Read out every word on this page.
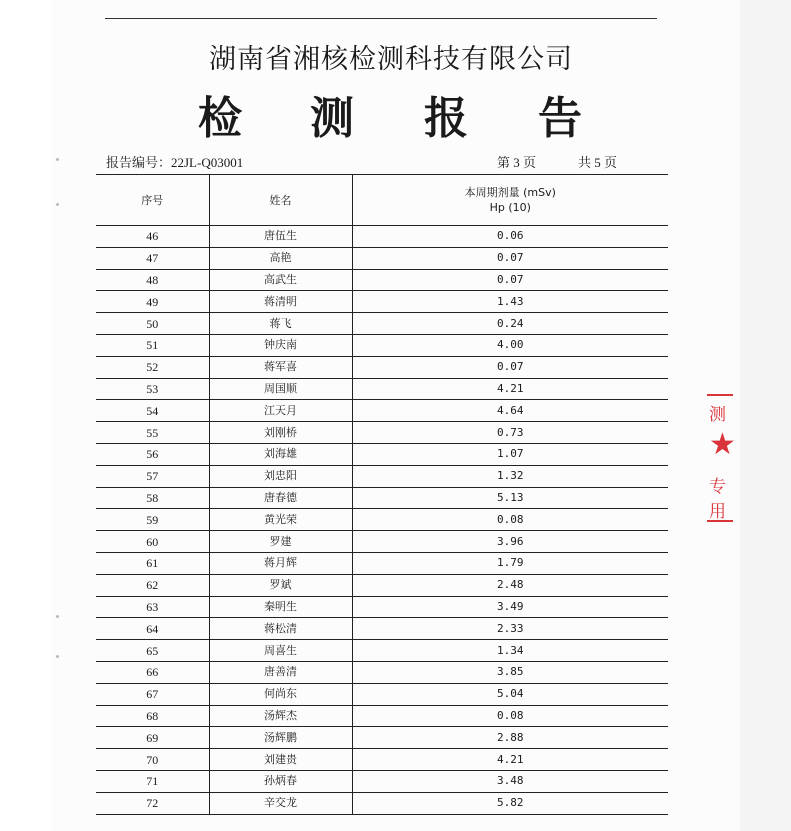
湖南省湘核检测科技有限公司
检 测 报 告
报告编号：22JL-Q03001	第 3 页	共 5 页
序号	姓名	本周期剂量 (mSv)
Hp (10)

46	唐伍生	0.06
47	高艳	0.07
48	高武生	0.07
49	蒋清明	1.43
50	蒋飞	0.24
51	钟庆南	4.00
52	蒋军喜	0.07
53	周国顺	4.21
54	江天月	4.64
55	刘刚桥	0.73
56	刘海雄	1.07
57	刘忠阳	1.32
58	唐春德	5.13
59	黄光荣	0.08
60	罗建	3.96
61	蒋月辉	1.79
62	罗斌	2.48
63	秦明生	3.49
64	蒋松清	2.33
65	周喜生	1.34
66	唐善清	3.85
67	何尚东	5.04
68	汤辉杰	0.08
69	汤辉鹏	2.88
70	刘建贵	4.21
71	孙炳春	3.48
72	辛交龙	5.82
测
★
专用
